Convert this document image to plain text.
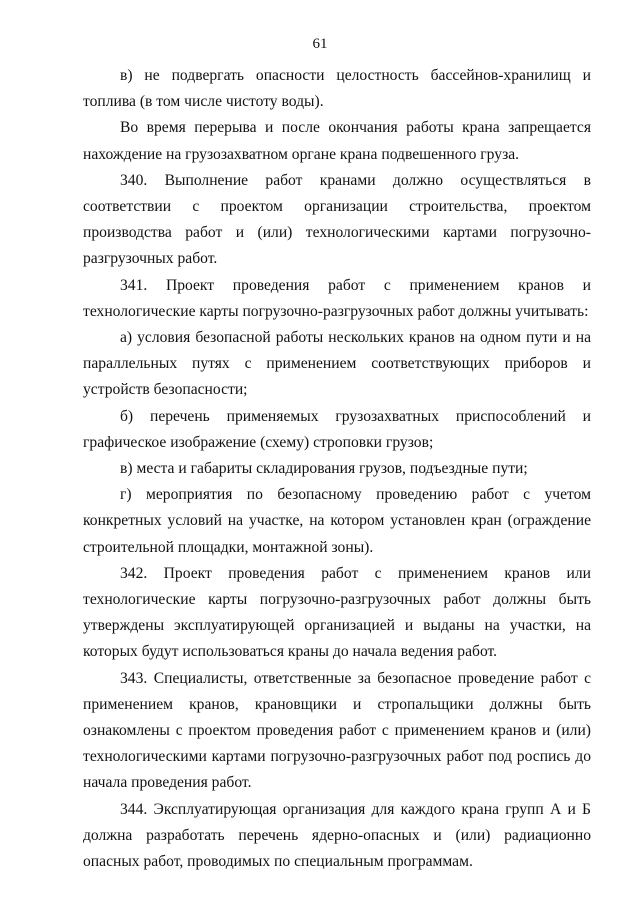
61

в) не подвергать опасности целостность бассейнов-хранилищ и топлива (в том числе чистоту воды).

Во время перерыва и после окончания работы крана запрещается нахождение на грузозахватном органе крана подвешенного груза.

340. Выполнение работ кранами должно осуществляться в соответствии с проектом организации строительства, проектом производства работ и (или) технологическими картами погрузочно-разгрузочных работ.

341. Проект проведения работ с применением кранов и технологические карты погрузочно-разгрузочных работ должны учитывать:

а) условия безопасной работы нескольких кранов на одном пути и на параллельных путях с применением соответствующих приборов и устройств безопасности;

б) перечень применяемых грузозахватных приспособлений и графическое изображение (схему) строповки грузов;

в) места и габариты складирования грузов, подъездные пути;

г) мероприятия по безопасному проведению работ с учетом конкретных условий на участке, на котором установлен кран (ограждение строительной площадки, монтажной зоны).

342. Проект проведения работ с применением кранов или технологические карты погрузочно-разгрузочных работ должны быть утверждены эксплуатирующей организацией и выданы на участки, на которых будут использоваться краны до начала ведения работ.

343. Специалисты, ответственные за безопасное проведение работ с применением кранов, крановщики и стропальщики должны быть ознакомлены с проектом проведения работ с применением кранов и (или) технологическими картами погрузочно-разгрузочных работ под роспись до начала проведения работ.

344. Эксплуатирующая организация для каждого крана групп А и Б должна разработать перечень ядерно-опасных и (или) радиационно опасных работ, проводимых по специальным программам.
